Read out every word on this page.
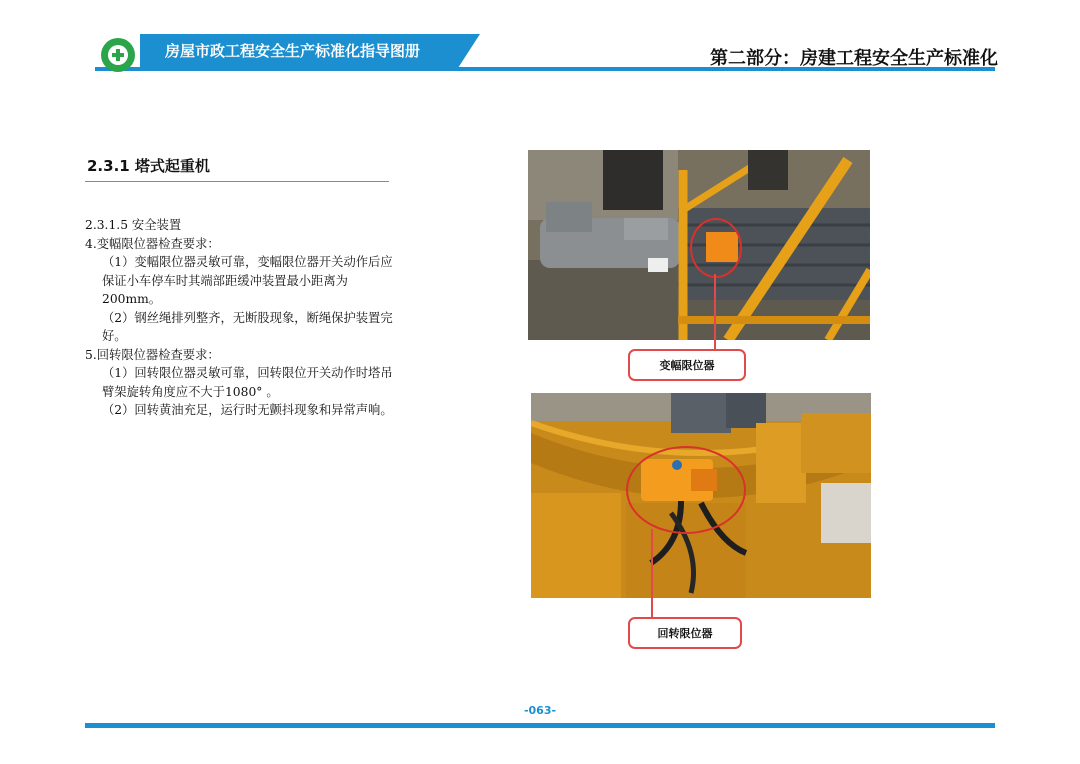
房屋市政工程安全生产标准化指导图册	第二部分：房建工程安全生产标准化
2.3.1 塔式起重机

2.3.1.5 安全装置

4.变幅限位器检查要求：

（1）变幅限位器灵敏可靠，变幅限位器开关动作后应保证小车停车时其端部距缓冲装置最小距离为200mm。

（2）钢丝绳排列整齐，无断股现象，断绳保护装置完好。

5.回转限位器检查要求：

（1）回转限位器灵敏可靠，回转限位开关动作时塔吊臂架旋转角度应不大于1080° 。

（2）回转黄油充足，运行时无颤抖现象和异常声响。

变幅限位器
回转限位器
-063-
